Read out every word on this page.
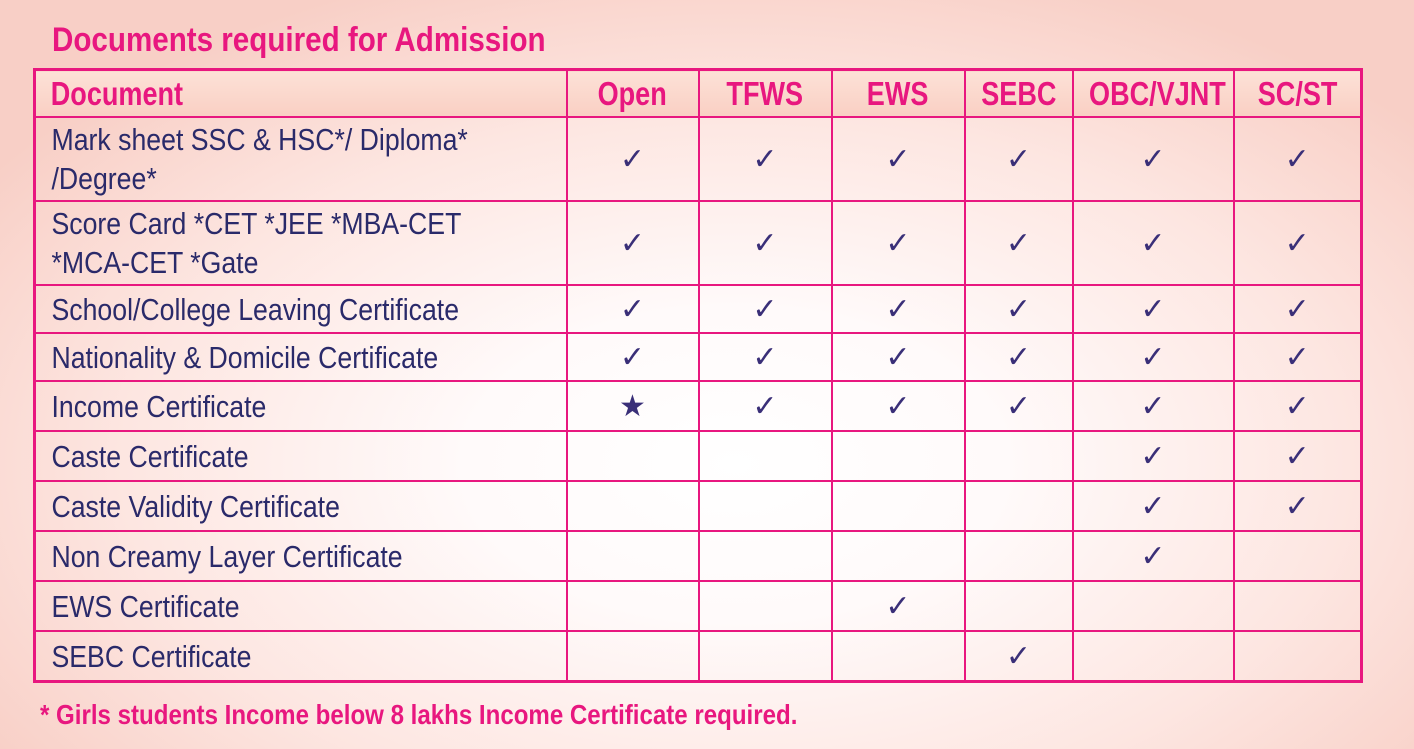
Documents required for Admission
Document	Open	TFWS	EWS	SEBC	OBC/VJNT	SC/ST

Mark sheet SSC & HSC*/ Diploma* /Degree*	✓	✓	✓	✓	✓	✓

Score Card *CET *JEE *MBA-CET *MCA-CET *Gate	✓	✓	✓	✓	✓	✓

School/College Leaving Certificate	✓	✓	✓	✓	✓	✓

Nationality & Domicile Certificate	✓	✓	✓	✓	✓	✓

Income Certificate	★	✓	✓	✓	✓	✓

Caste Certificate					✓	✓

Caste Validity Certificate					✓	✓

Non Creamy Layer Certificate					✓	

EWS Certificate			✓			

SEBC Certificate				✓		

* Girls students Income below 8 lakhs Income Certificate required.
